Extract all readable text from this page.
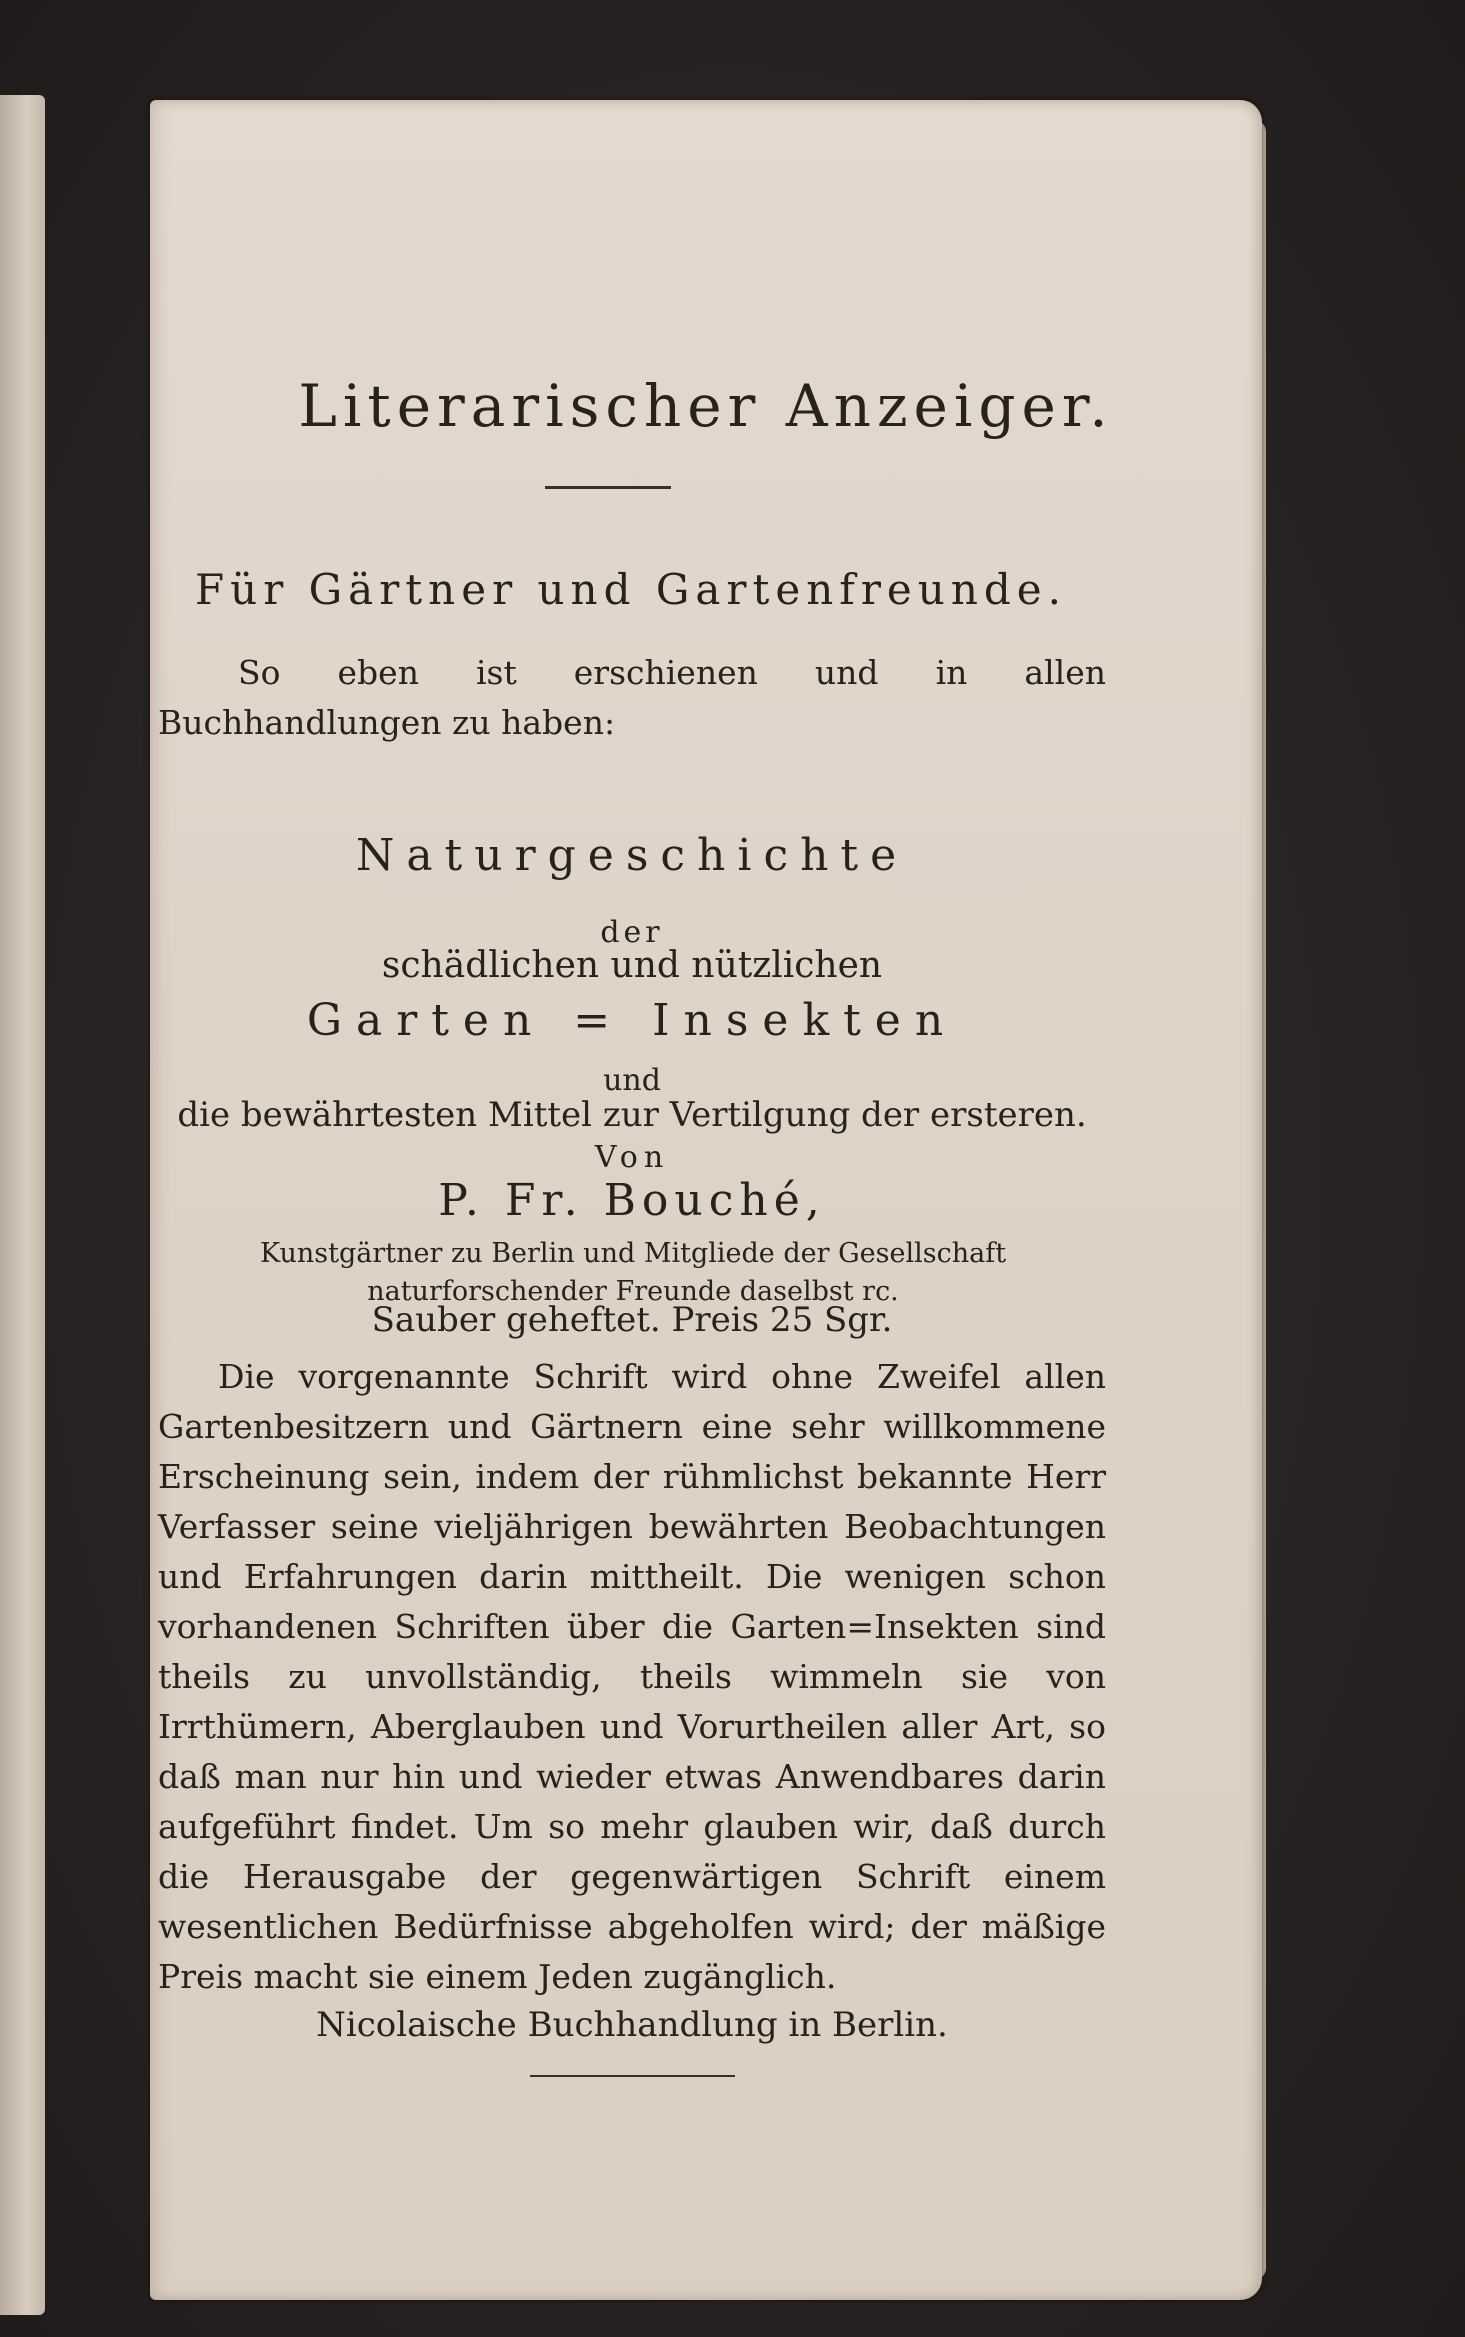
Literarischer Anzeiger.
Für Gärtner und Gartenfreunde.
So eben ist erschienen und in allen Buchhandlungen zu haben:
Naturgeschichte
der
schädlichen und nützlichen
Garten = Insekten
und
die bewährtesten Mittel zur Vertilgung der ersteren.
Von
P. Fr. Bouché,
Kunstgärtner zu Berlin und Mitgliede der Gesellschaft naturforschender Freunde daselbst rc.
Sauber geheftet. Preis 25 Sgr.
Die vorgenannte Schrift wird ohne Zweifel allen Gartenbesitzern und Gärtnern eine sehr willkommene Erscheinung sein, indem der rühmlichst bekannte Herr Verfasser seine vieljährigen bewährten Beobachtungen und Erfahrungen darin mittheilt. Die wenigen schon vorhandenen Schriften über die Garten=Insekten sind theils zu unvollständig, theils wimmeln sie von Irrthümern, Aberglauben und Vorurtheilen aller Art, so daß man nur hin und wieder etwas Anwendbares darin aufgeführt findet. Um so mehr glauben wir, daß durch die Herausgabe der gegenwärtigen Schrift einem wesentlichen Bedürfnisse abgeholfen wird; der mäßige Preis macht sie einem Jeden zugänglich.
Nicolaische Buchhandlung in Berlin.
